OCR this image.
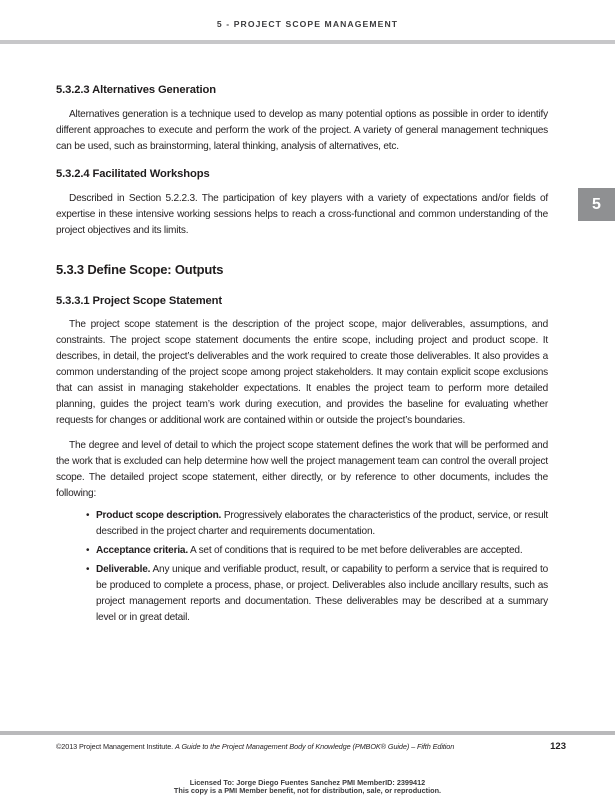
5 - PROJECT SCOPE MANAGEMENT
5
5.3.2.3 Alternatives Generation

Alternatives generation is a technique used to develop as many potential options as possible in order to identify different approaches to execute and perform the work of the project. A variety of general management techniques can be used, such as brainstorming, lateral thinking, analysis of alternatives, etc.

5.3.2.4 Facilitated Workshops

Described in Section 5.2.2.3. The participation of key players with a variety of expectations and/or fields of expertise in these intensive working sessions helps to reach a cross-functional and common understanding of the project objectives and its limits.

5.3.3 Define Scope: Outputs
5.3.3.1 Project Scope Statement

The project scope statement is the description of the project scope, major deliverables, assumptions, and constraints. The project scope statement documents the entire scope, including project and product scope. It describes, in detail, the project’s deliverables and the work required to create those deliverables. It also provides a common understanding of the project scope among project stakeholders. It may contain explicit scope exclusions that can assist in managing stakeholder expectations. It enables the project team to perform more detailed planning, guides the project team’s work during execution, and provides the baseline for evaluating whether requests for changes or additional work are contained within or outside the project’s boundaries.

The degree and level of detail to which the project scope statement defines the work that will be performed and the work that is excluded can help determine how well the project management team can control the overall project scope. The detailed project scope statement, either directly, or by reference to other documents, includes the following:

• Product scope description. Progressively elaborates the characteristics of the product, service, or result described in the project charter and requirements documentation.
• Acceptance criteria. A set of conditions that is required to be met before deliverables are accepted.
• Deliverable. Any unique and verifiable product, result, or capability to perform a service that is required to be produced to complete a process, phase, or project. Deliverables also include ancillary results, such as project management reports and documentation. These deliverables may be described at a summary level or in great detail.
©2013 Project Management Institute. A Guide to the Project Management Body of Knowledge (PMBOK® Guide) – Fifth Edition	123
Licensed To: Jorge Diego Fuentes Sanchez PMI MemberID: 2399412
This copy is a PMI Member benefit, not for distribution, sale, or reproduction.
